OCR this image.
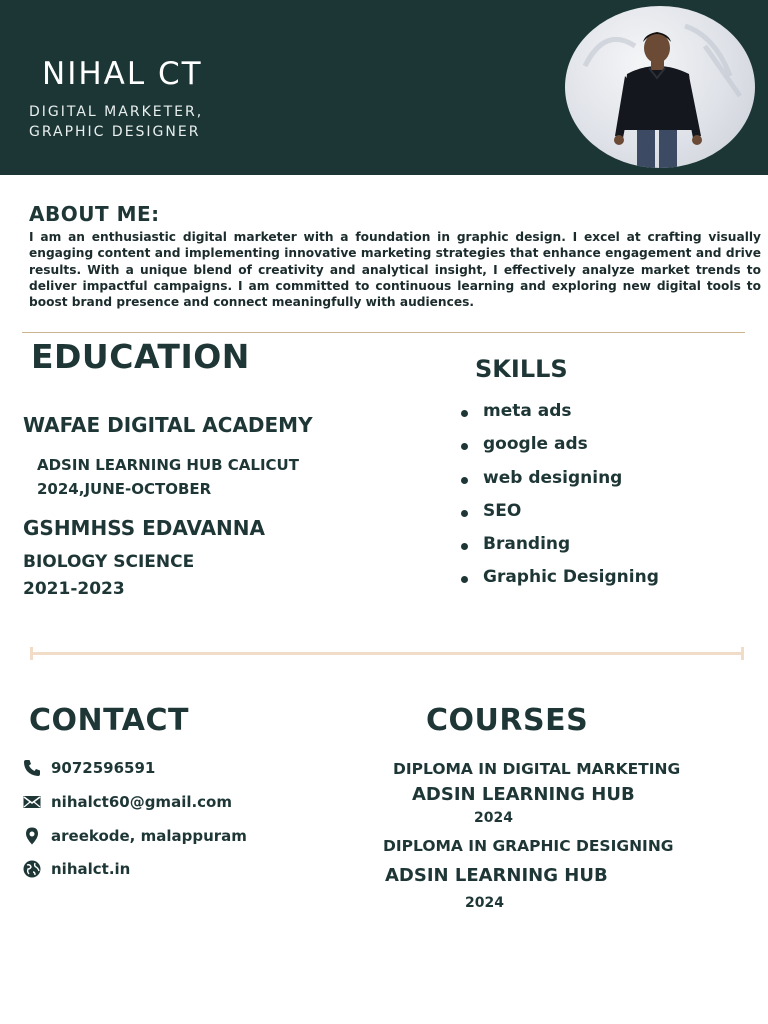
NIHAL CT
DIGITAL MARKETER,
GRAPHIC DESIGNER
ABOUT ME:
I am an enthusiastic digital marketer with a foundation in graphic design. I excel at crafting visually engaging content and implementing innovative marketing strategies that enhance engagement and drive results. With a unique blend of creativity and analytical insight, I effectively analyze market trends to deliver impactful campaigns. I am committed to continuous learning and exploring new digital tools to boost brand presence and connect meaningfully with audiences.
EDUCATION
WAFAE DIGITAL ACADEMY
ADSIN LEARNING HUB CALICUT
2024,JUNE-OCTOBER
GSHMHSS EDAVANNA
BIOLOGY SCIENCE
2021-2023
SKILLS
meta ads
google ads
web designing
SEO
Branding
Graphic Designing
CONTACT
9072596591
nihalct60@gmail.com
areekode, malappuram
nihalct.in
COURSES
DIPLOMA IN DIGITAL MARKETING
ADSIN LEARNING HUB
2024
DIPLOMA IN GRAPHIC DESIGNING
ADSIN LEARNING HUB
2024
